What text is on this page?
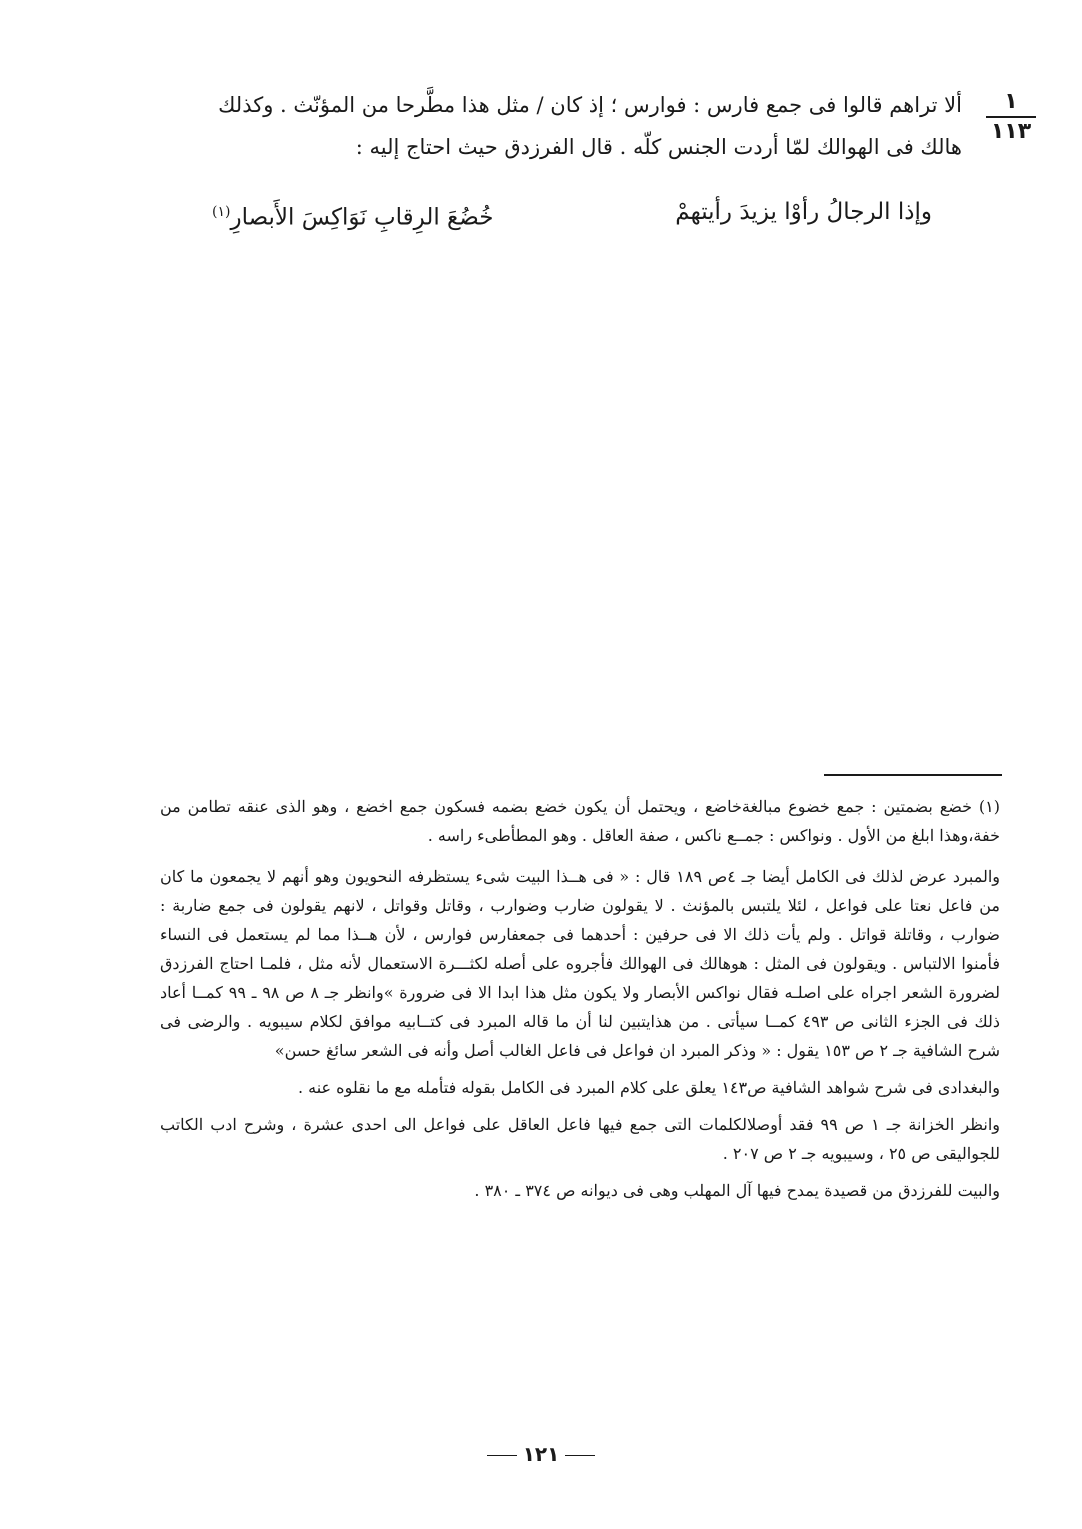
١
١١٣

ألا تراهم قالوا فى جمع فارس : فوارس ؛ إذ كان / مثل هذا مطَّرحا من المؤنّث . وكذلك

هالك فى الهوالك لمّا أردت الجنس كلّه . قال الفرزدق حيث احتاج إليه :

وإذا الرجالُ رأوْا يزيدَ رأيتهمْ
خُضُعَ الرِقابِ نَوَاكِسَ الأَبصارِ$^{(١)}$

(١) خضع بضمتين : جمع خضوع مبالغةخاضع ، ويحتمل أن يكون خضع بضمه فسكون جمع اخضع ، وهو الذى عنقه تطامن من خفة،وهذا ابلغ من الأول . ونواكس : جمــع ناكس ، صفة العاقل . وهو المطأطىء راسه .

والمبرد عرض لذلك فى الكامل أيضا جـ ٤ص ١٨٩ قال : « فى هــذا البيت شىء يستظرفه النحويون وهو أنهم لا يجمعون ما كان من فاعل نعتا على فواعل ، لئلا يلتبس بالمؤنث . لا يقولون ضارب وضوارب ، وقاتل وقواتل ، لانهم يقولون فى جمع ضاربة : ضوارب ، وقاتلة قواتل . ولم يأت ذلك الا فى حرفين : أحدهما فى جمعفارس فوارس ، لأن هــذا مما لم يستعمل فى النساء فأمنوا الالتباس . ويقولون فى المثل : هوهالك فى الهوالك فأجروه على أصله لكثـــرة الاستعمال لأنه مثل ، فلمـا احتاج الفرزدق لضرورة الشعر اجراه على اصلـه فقال نواكس الأبصار ولا يكون مثل هذا ابدا الا فى ضرورة »وانظر جـ ٨ ص ٩٨ ـ ٩٩ كمــا أعاد ذلك فى الجزء الثانى ص ٤٩٣ كمــا سيأتى . من هذايتبين لنا أن ما قاله المبرد فى كتــابيه موافق لكلام سيبويه . والرضى فى شرح الشافية جـ ٢ ص ١٥٣ يقول : « وذكر المبرد ان فواعل فى فاعل الغالب أصل وأنه فى الشعر سائغ حسن»

والبغدادى فى شرح شواهد الشافية ص١٤٣ يعلق على كلام المبرد فى الكامل بقوله فتأمله مع ما نقلوه عنه .

وانظر الخزانة جـ ١ ص ٩٩ فقد أوصلالكلمات التى جمع فيها فاعل العاقل على فواعل الى احدى عشرة ، وشرح ادب الكاتب للجواليقى ص ٢٥ ، وسيبويه جـ ٢ ص ٢٠٧ .

والبيت للفرزدق من قصيدة يمدح فيها آل المهلب وهى فى ديوانه ص ٣٧٤ ـ ٣٨٠ .

١٢١
